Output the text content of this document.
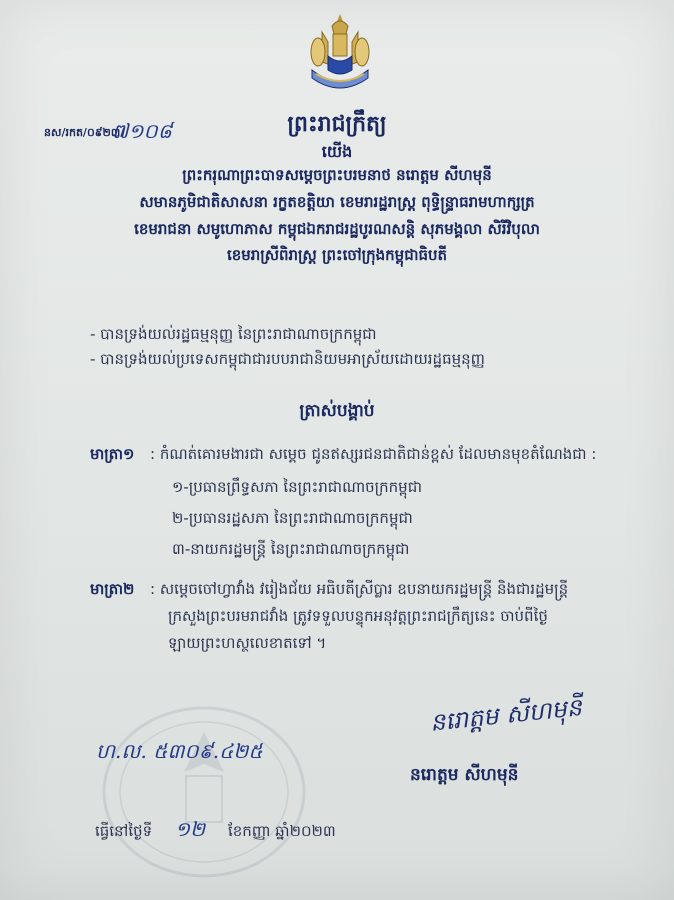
ព្រះរាជក្រឹត្យ
យើង
នស/រកត/០៩២៣/
៧១០៨
ព្រះករុណាព្រះបាទសម្តេចព្រះបរមនាថ នរោត្តម សីហមុនី
សមានភូមិជាតិសាសនា រក្ខតខត្តិយា ខេមរារដ្ឋរាស្ត្រ ពុទ្ធិន្ទ្រាធរាមហាក្សត្រ
ខេមរាជនា សមូហោភាស កម្ពុជឯករាជរដ្ឋបូរណសន្តិ សុភមង្គលា សិរីវិបុលា
ខេមរាស្រីពិរាស្ត្រ ព្រះចៅក្រុងកម្ពុជាធិបតី
- បានទ្រង់យល់រដ្ឋធម្មនុញ្ញ នៃព្រះរាជាណាចក្រកម្ពុជា
- បានទ្រង់យល់ប្រទេសកម្ពុជាជារបបរាជានិយមអាស្រ័យដោយរដ្ឋធម្មនុញ្ញ
ត្រាស់បង្គាប់
មាត្រា១ : កំណត់គោរមងារជា សម្តេច ជូនឥស្សរជនជាតិជាន់ខ្ពស់ ដែលមានមុខតំណែងជា :
១-ប្រធានព្រឹទ្ធសភា នៃព្រះរាជាណាចក្រកម្ពុជា
២-ប្រធានរដ្ឋសភា នៃព្រះរាជាណាចក្រកម្ពុជា
៣-នាយករដ្ឋមន្ត្រី នៃព្រះរាជាណាចក្រកម្ពុជា
មាត្រា២ : សម្តេចចៅហ្វាវាំង វរៀងជ័យ អធិបតីស្រីប្លារ ឧបនាយករដ្ឋមន្ត្រី និងជារដ្ឋមន្ត្រី
ក្រសួងព្រះបរមរាជវាំង ត្រូវទទួលបន្ទុកអនុវត្តព្រះរាជក្រឹត្យនេះ ចាប់ពីថ្ងៃ
ឡាយព្រះហស្ថលេខាតទៅ ។
នរោត្តម សីហមុនី
នរោត្តម សីហមុនី
ហ.ល. ៥៣០៩.៤២៥
ធ្វើនៅថ្ងៃទី ១២ ខែកញ្ញា ឆ្នាំ២០២៣
